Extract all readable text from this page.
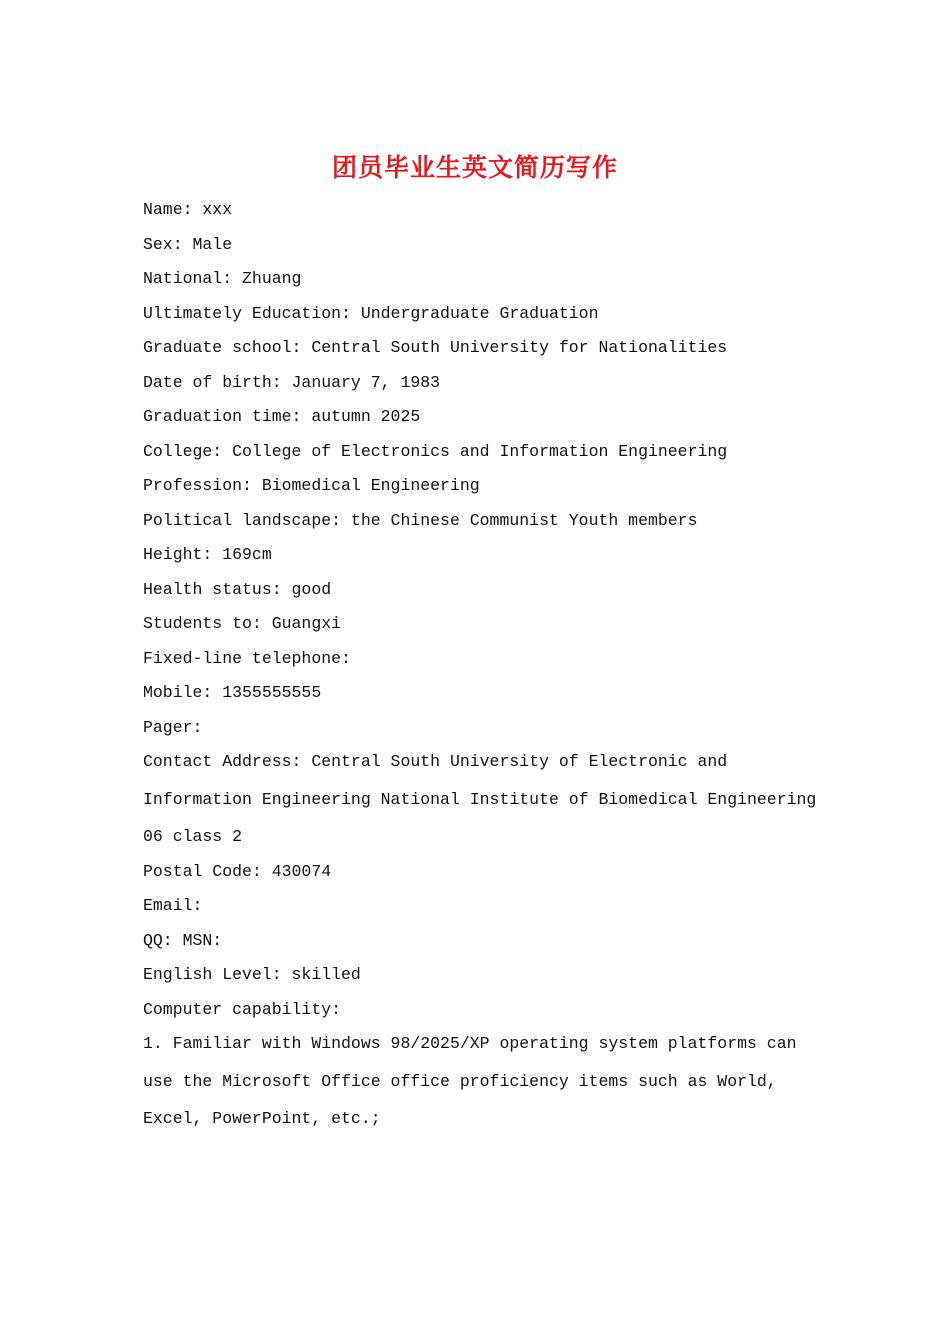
团员毕业生英文简历写作
Name: xxx
Sex: Male
National: Zhuang
Ultimately Education: Undergraduate Graduation
Graduate school: Central South University for Nationalities
Date of birth: January 7, 1983
Graduation time: autumn 2025
College: College of Electronics and Information Engineering
Profession: Biomedical Engineering
Political landscape: the Chinese Communist Youth members
Height: 169cm
Health status: good
Students to: Guangxi
Fixed-line telephone:
Mobile: 1355555555
Pager:
Contact Address: Central South University of Electronic and
Information Engineering National Institute of Biomedical Engineering
06 class 2
Postal Code: 430074
Email:
QQ: MSN:
English Level: skilled
Computer capability:
1. Familiar with Windows 98/2025/XP operating system platforms can
use the Microsoft Office office proficiency items such as World,
Excel, PowerPoint, etc.;
